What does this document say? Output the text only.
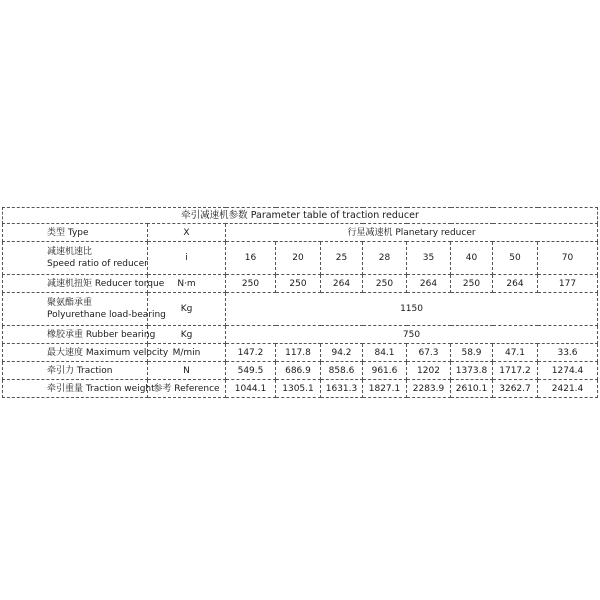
牵引减速机参数 Parameter table of traction reducer									
类型 Type	X	行星减速机 Planetary reducer							

减速机速比
Speed ratio of reducer	i	16	20	25	28	35	40	50	70
减速机扭矩 Reducer torque	N·m	250	250	264	250	264	250	264	177

聚氨酯承重
Polyurethane load-bearing	Kg	1150							
橡胶承重 Rubber bearing	Kg	750							
最大速度 Maximum velocity	M/min	147.2	117.8	94.2	84.1	67.3	58.9	47.1	33.6
牵引力 Traction	N	549.5	686.9	858.6	961.6	1202	1373.8	1717.2	1274.4
牵引重量 Traction weight	参考 Reference	1044.1	1305.1	1631.3	1827.1	2283.9	2610.1	3262.7	2421.4
